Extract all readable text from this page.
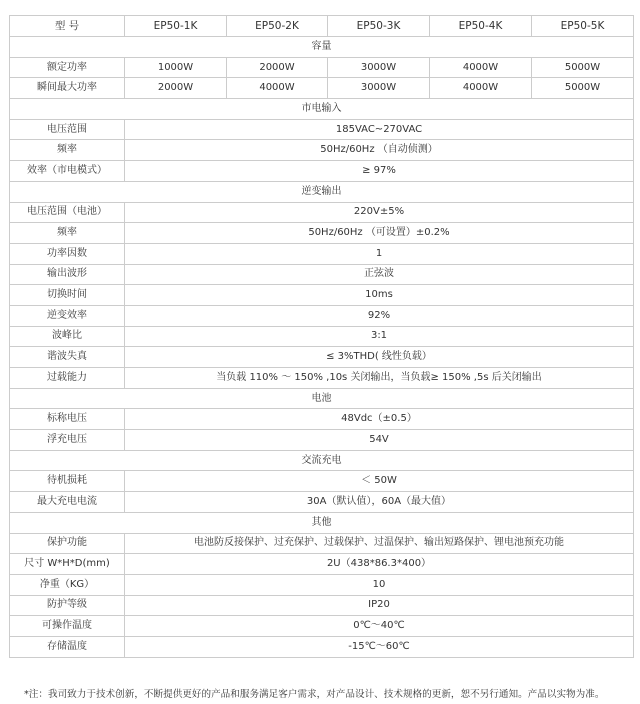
型 号	EP50-1K	EP50-2K	EP50-3K	EP50-4K	EP50-5K
容量					
额定功率	1000W	2000W	3000W	4000W	5000W
瞬间最大功率	2000W	4000W	3000W	4000W	5000W
市电输入					
电压范围	185VAC~270VAC				
频率	50Hz/60Hz （自动侦测）				
效率（市电模式）	≥ 97%				
逆变输出					
电压范围（电池）	220V±5%				
频率	50Hz/60Hz （可设置）±0.2%				
功率因数	1				
输出波形	正弦波				
切换时间	10ms				
逆变效率	92%				
波峰比	3:1				
谐波失真	≤ 3%THD( 线性负载）				
过载能力	当负载 110% ～ 150% ,10s 关闭输出，当负载≥ 150% ,5s 后关闭输出				
电池					
标称电压	48Vdc（±0.5）				
浮充电压	54V				
交流充电					
待机损耗	＜ 50W				
最大充电电流	30A（默认值），60A（最大值）				
其他					
保护功能	电池防反接保护、过充保护、过载保护、过温保护、输出短路保护、锂电池预充功能				
尺寸 W*H*D(mm)	2U（438*86.3*400）				
净重（KG）	10				
防护等级	IP20				
可操作温度	0℃～40℃				
存储温度	-15℃～60℃				
*注：我司致力于技术创新，不断提供更好的产品和服务满足客户需求，对产品设计、技术规格的更新，恕不另行通知。产品以实物为准。
